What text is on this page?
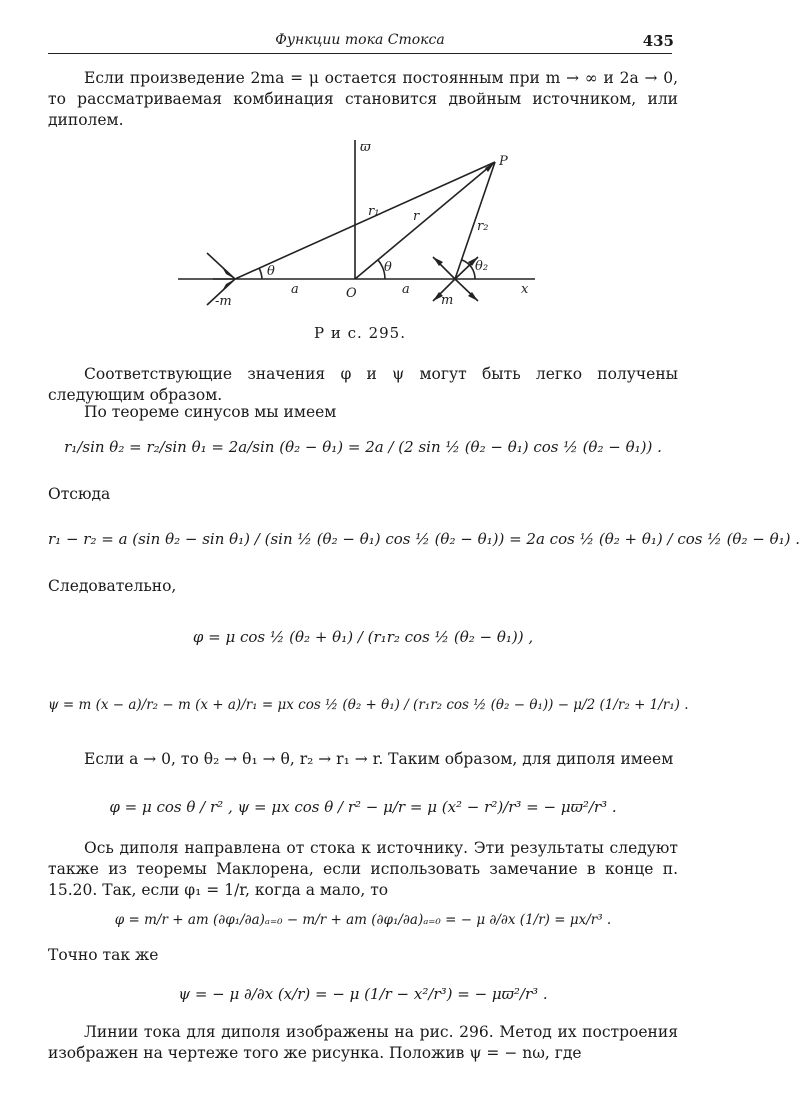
Функции тока Стокса	435
Если произведение 2ma = μ остается постоянным при m → ∞ и 2a → 0, то рассматриваемая комбинация становится двойным источником, или диполем.
ϖ
P
r₁	r
r₂
θ	θ	θ₂
a	O	a	x
-m	m
Р и с. 295.
Соответствующие значения φ и ψ могут быть легко получены следующим образом.
По теореме синусов мы имеем
r₁/sin θ₂ = r₂/sin θ₁ = 2a/sin (θ₂ − θ₁) = 2a / (2 sin ½ (θ₂ − θ₁) cos ½ (θ₂ − θ₁)) .
Отсюда
r₁ − r₂ = a (sin θ₂ − sin θ₁) / (sin ½ (θ₂ − θ₁) cos ½ (θ₂ − θ₁)) = 2a cos ½ (θ₂ + θ₁) / cos ½ (θ₂ − θ₁) .
Следовательно,
φ = μ cos ½ (θ₂ + θ₁) / (r₁r₂ cos ½ (θ₂ − θ₁)) ,
ψ = m (x − a)/r₂ − m (x + a)/r₁ = μx cos ½ (θ₂ + θ₁) / (r₁r₂ cos ½ (θ₂ − θ₁)) − μ/2 (1/r₂ + 1/r₁) .
Если a → 0, то θ₂ → θ₁ → θ, r₂ → r₁ → r. Таким образом, для диполя имеем
φ = μ cos θ / r² , ψ = μx cos θ / r² − μ/r = μ (x² − r²)/r³ = − μϖ²/r³ .
Ось диполя направлена от стока к источнику. Эти результаты следуют также из теоремы Маклорена, если использовать замечание в конце п. 15.20. Так, если φ₁ = 1/r, когда a мало, то
φ = m/r + am (∂φ₁/∂a)ₐ₌₀ − m/r + am (∂φ₁/∂a)ₐ₌₀ = − μ ∂/∂x (1/r) = μx/r³ .
Точно так же
ψ = − μ ∂/∂x (x/r) = − μ (1/r − x²/r³) = − μϖ²/r³ .
Линии тока для диполя изображены на рис. 296. Метод их построения изображен на чертеже того же рисунка. Положив ψ = − nω, где
